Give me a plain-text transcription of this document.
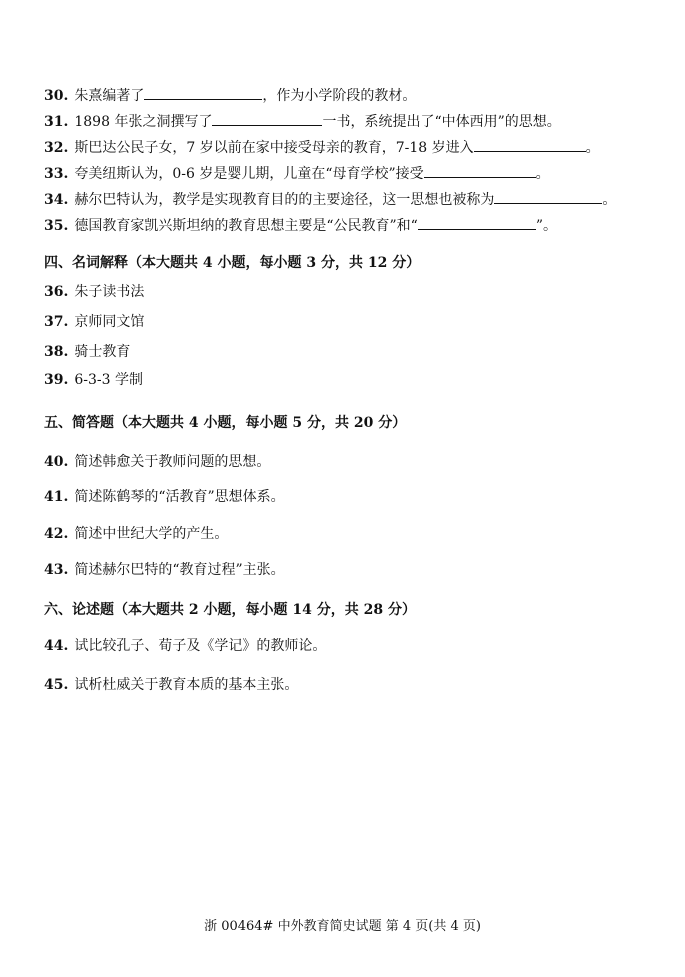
30. 朱熹编著了	，作为小学阶段的教材。
31. 1898 年张之洞撰写了	一书，系统提出了“中体西用”的思想。
32. 斯巴达公民子女，7 岁以前在家中接受母亲的教育，7-18 岁进入	。
33. 夸美纽斯认为，0-6 岁是婴儿期，儿童在“母育学校”接受	。
34. 赫尔巴特认为，教学是实现教育目的的主要途径，这一思想也被称为	。
35. 德国教育家凯兴斯坦纳的教育思想主要是“公民教育”和“	”。
四、名词解释（本大题共 4 小题，每小题 3 分，共 12 分）
36. 朱子读书法
37. 京师同文馆
38. 骑士教育
39. 6-3-3 学制
五、简答题（本大题共 4 小题，每小题 5 分，共 20 分）
40. 简述韩愈关于教师问题的思想。
41. 简述陈鹤琴的“活教育”思想体系。
42. 简述中世纪大学的产生。
43. 简述赫尔巴特的“教育过程”主张。
六、论述题（本大题共 2 小题，每小题 14 分，共 28 分）
44. 试比较孔子、荀子及《学记》的教师论。
45. 试析杜威关于教育本质的基本主张。
浙 00464# 中外教育简史试题 第 4 页(共 4 页)
